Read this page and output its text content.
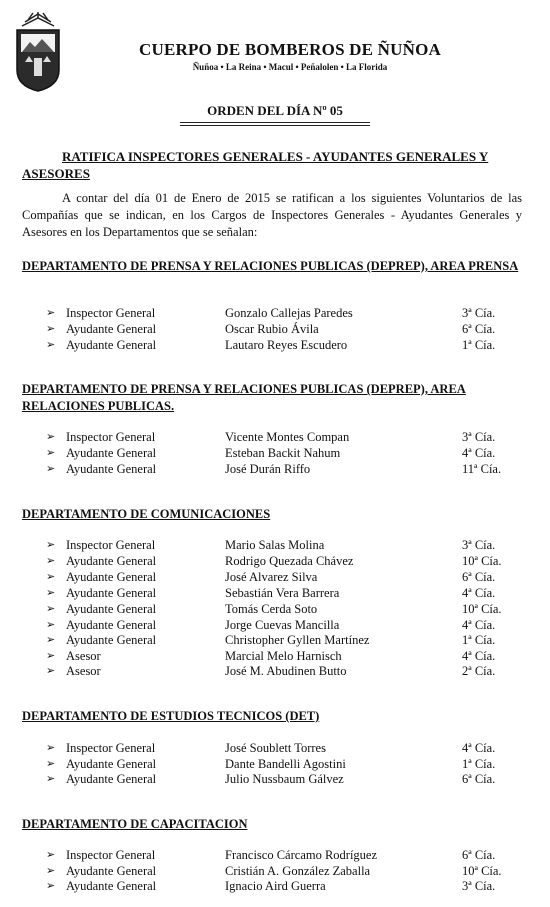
CUERPO DE BOMBEROS DE ÑUÑOA

Ñuñoa • La Reina • Macul • Peñalolen • La Florida

ORDEN DEL DÍA Nº 05

RATIFICA INSPECTORES GENERALES - AYUDANTES GENERALES Y ASESORES

A contar del día 01 de Enero de 2015 se ratifican a los siguientes Voluntarios de las Compañías que se indican, en los Cargos de Inspectores Generales - Ayudantes Generales y Asesores en los Departamentos que se señalan:

DEPARTAMENTO DE PRENSA Y RELACIONES PUBLICAS (DEPREP), AREA PRENSA

➢ Inspector General	Gonzalo Callejas Paredes	3ª Cía.
➢ Ayudante General	Oscar Rubio Ávila	6ª Cía.
➢ Ayudante General	Lautaro Reyes Escudero	1ª Cía.

DEPARTAMENTO DE PRENSA Y RELACIONES PUBLICAS (DEPREP), AREA RELACIONES PUBLICAS.

➢ Inspector General	Vicente Montes Compan	3ª Cía.
➢ Ayudante General	Esteban Backit Nahum	4ª Cía.
➢ Ayudante General	José Durán Riffo	11ª Cía.

DEPARTAMENTO DE COMUNICACIONES

➢ Inspector General	Mario Salas Molina	3ª Cía.
➢ Ayudante General	Rodrigo Quezada Chávez	10ª Cía.
➢ Ayudante General	José Alvarez Silva	6ª Cía.
➢ Ayudante General	Sebastián Vera Barrera	4ª Cía.
➢ Ayudante General	Tomás Cerda Soto	10ª Cía.
➢ Ayudante General	Jorge Cuevas Mancilla	4ª Cía.
➢ Ayudante General	Christopher Gyllen Martínez	1ª Cía.
➢ Asesor	Marcial Melo Harnisch	4ª Cía.
➢ Asesor	José M. Abudinen Butto	2ª Cía.

DEPARTAMENTO DE ESTUDIOS TECNICOS (DET)

➢ Inspector General	José Soublett Torres	4ª Cía.
➢ Ayudante General	Dante Bandelli Agostini	1ª Cía.
➢ Ayudante General	Julio Nussbaum Gálvez	6ª Cía.

DEPARTAMENTO DE CAPACITACION

➢ Inspector General	Francisco Cárcamo Rodríguez	6ª Cía.
➢ Ayudante General	Cristián A. González Zaballa	10ª Cía.
➢ Ayudante General	Ignacio Aird Guerra	3ª Cía.
